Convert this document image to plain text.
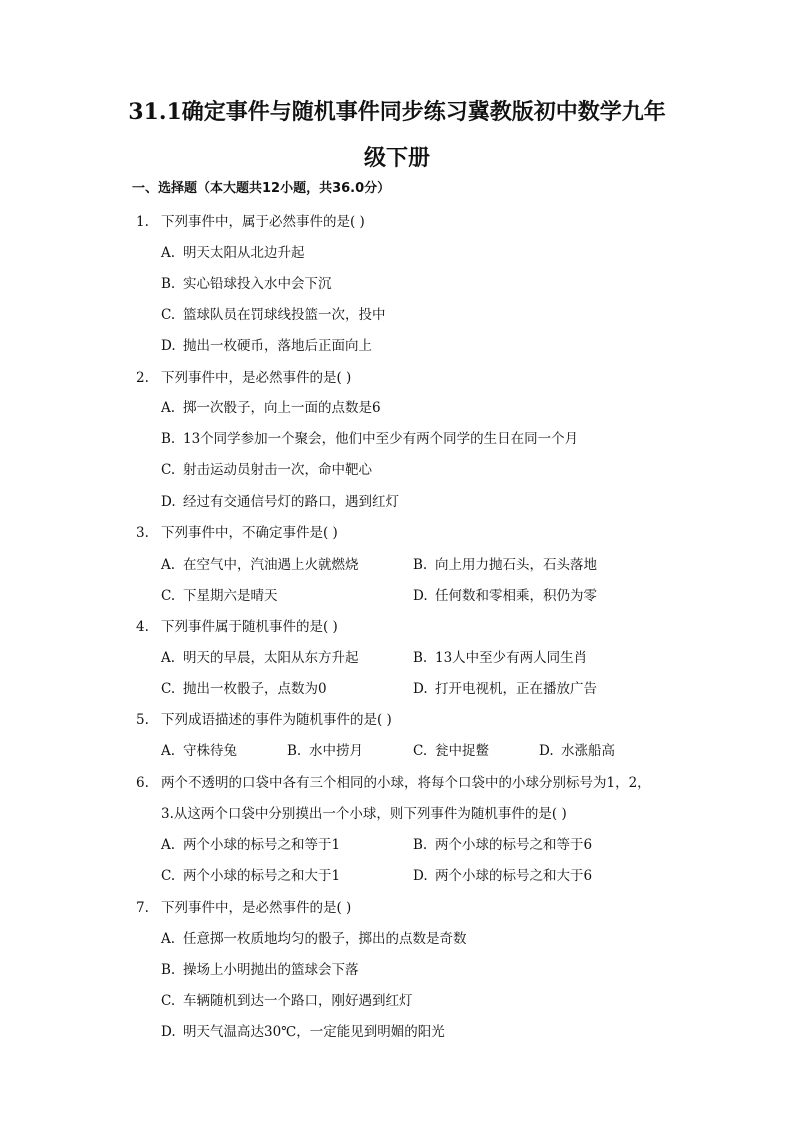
31.1确定事件与随机事件同步练习冀教版初中数学九年
级下册
一、选择题（本大题共12小题，共36.0分）
1. 下列事件中，属于必然事件的是( )
A. 明天太阳从北边升起
B. 实心铅球投入水中会下沉
C. 篮球队员在罚球线投篮一次，投中
D. 抛出一枚硬币，落地后正面向上
2. 下列事件中，是必然事件的是( )
A. 掷一次骰子，向上一面的点数是6
B. 13个同学参加一个聚会，他们中至少有两个同学的生日在同一个月
C. 射击运动员射击一次，命中靶心
D. 经过有交通信号灯的路口，遇到红灯
3. 下列事件中，不确定事件是( )
A. 在空气中，汽油遇上火就燃烧	B. 向上用力抛石头，石头落地
C. 下星期六是晴天	D. 任何数和零相乘，积仍为零
4. 下列事件属于随机事件的是( )
A. 明天的早晨，太阳从东方升起	B. 13人中至少有两人同生肖
C. 抛出一枚骰子，点数为0	D. 打开电视机，正在播放广告
5. 下列成语描述的事件为随机事件的是( )
A. 守株待兔	B. 水中捞月	C. 瓮中捉鳖	D. 水涨船高
6. 两个不透明的口袋中各有三个相同的小球，将每个口袋中的小球分别标号为1，2，
3.从这两个口袋中分别摸出一个小球，则下列事件为随机事件的是( )
A. 两个小球的标号之和等于1	B. 两个小球的标号之和等于6
C. 两个小球的标号之和大于1	D. 两个小球的标号之和大于6
7. 下列事件中，是必然事件的是( )
A. 任意掷一枚质地均匀的骰子，掷出的点数是奇数
B. 操场上小明抛出的篮球会下落
C. 车辆随机到达一个路口，刚好遇到红灯
D. 明天气温高达30℃，一定能见到明媚的阳光
